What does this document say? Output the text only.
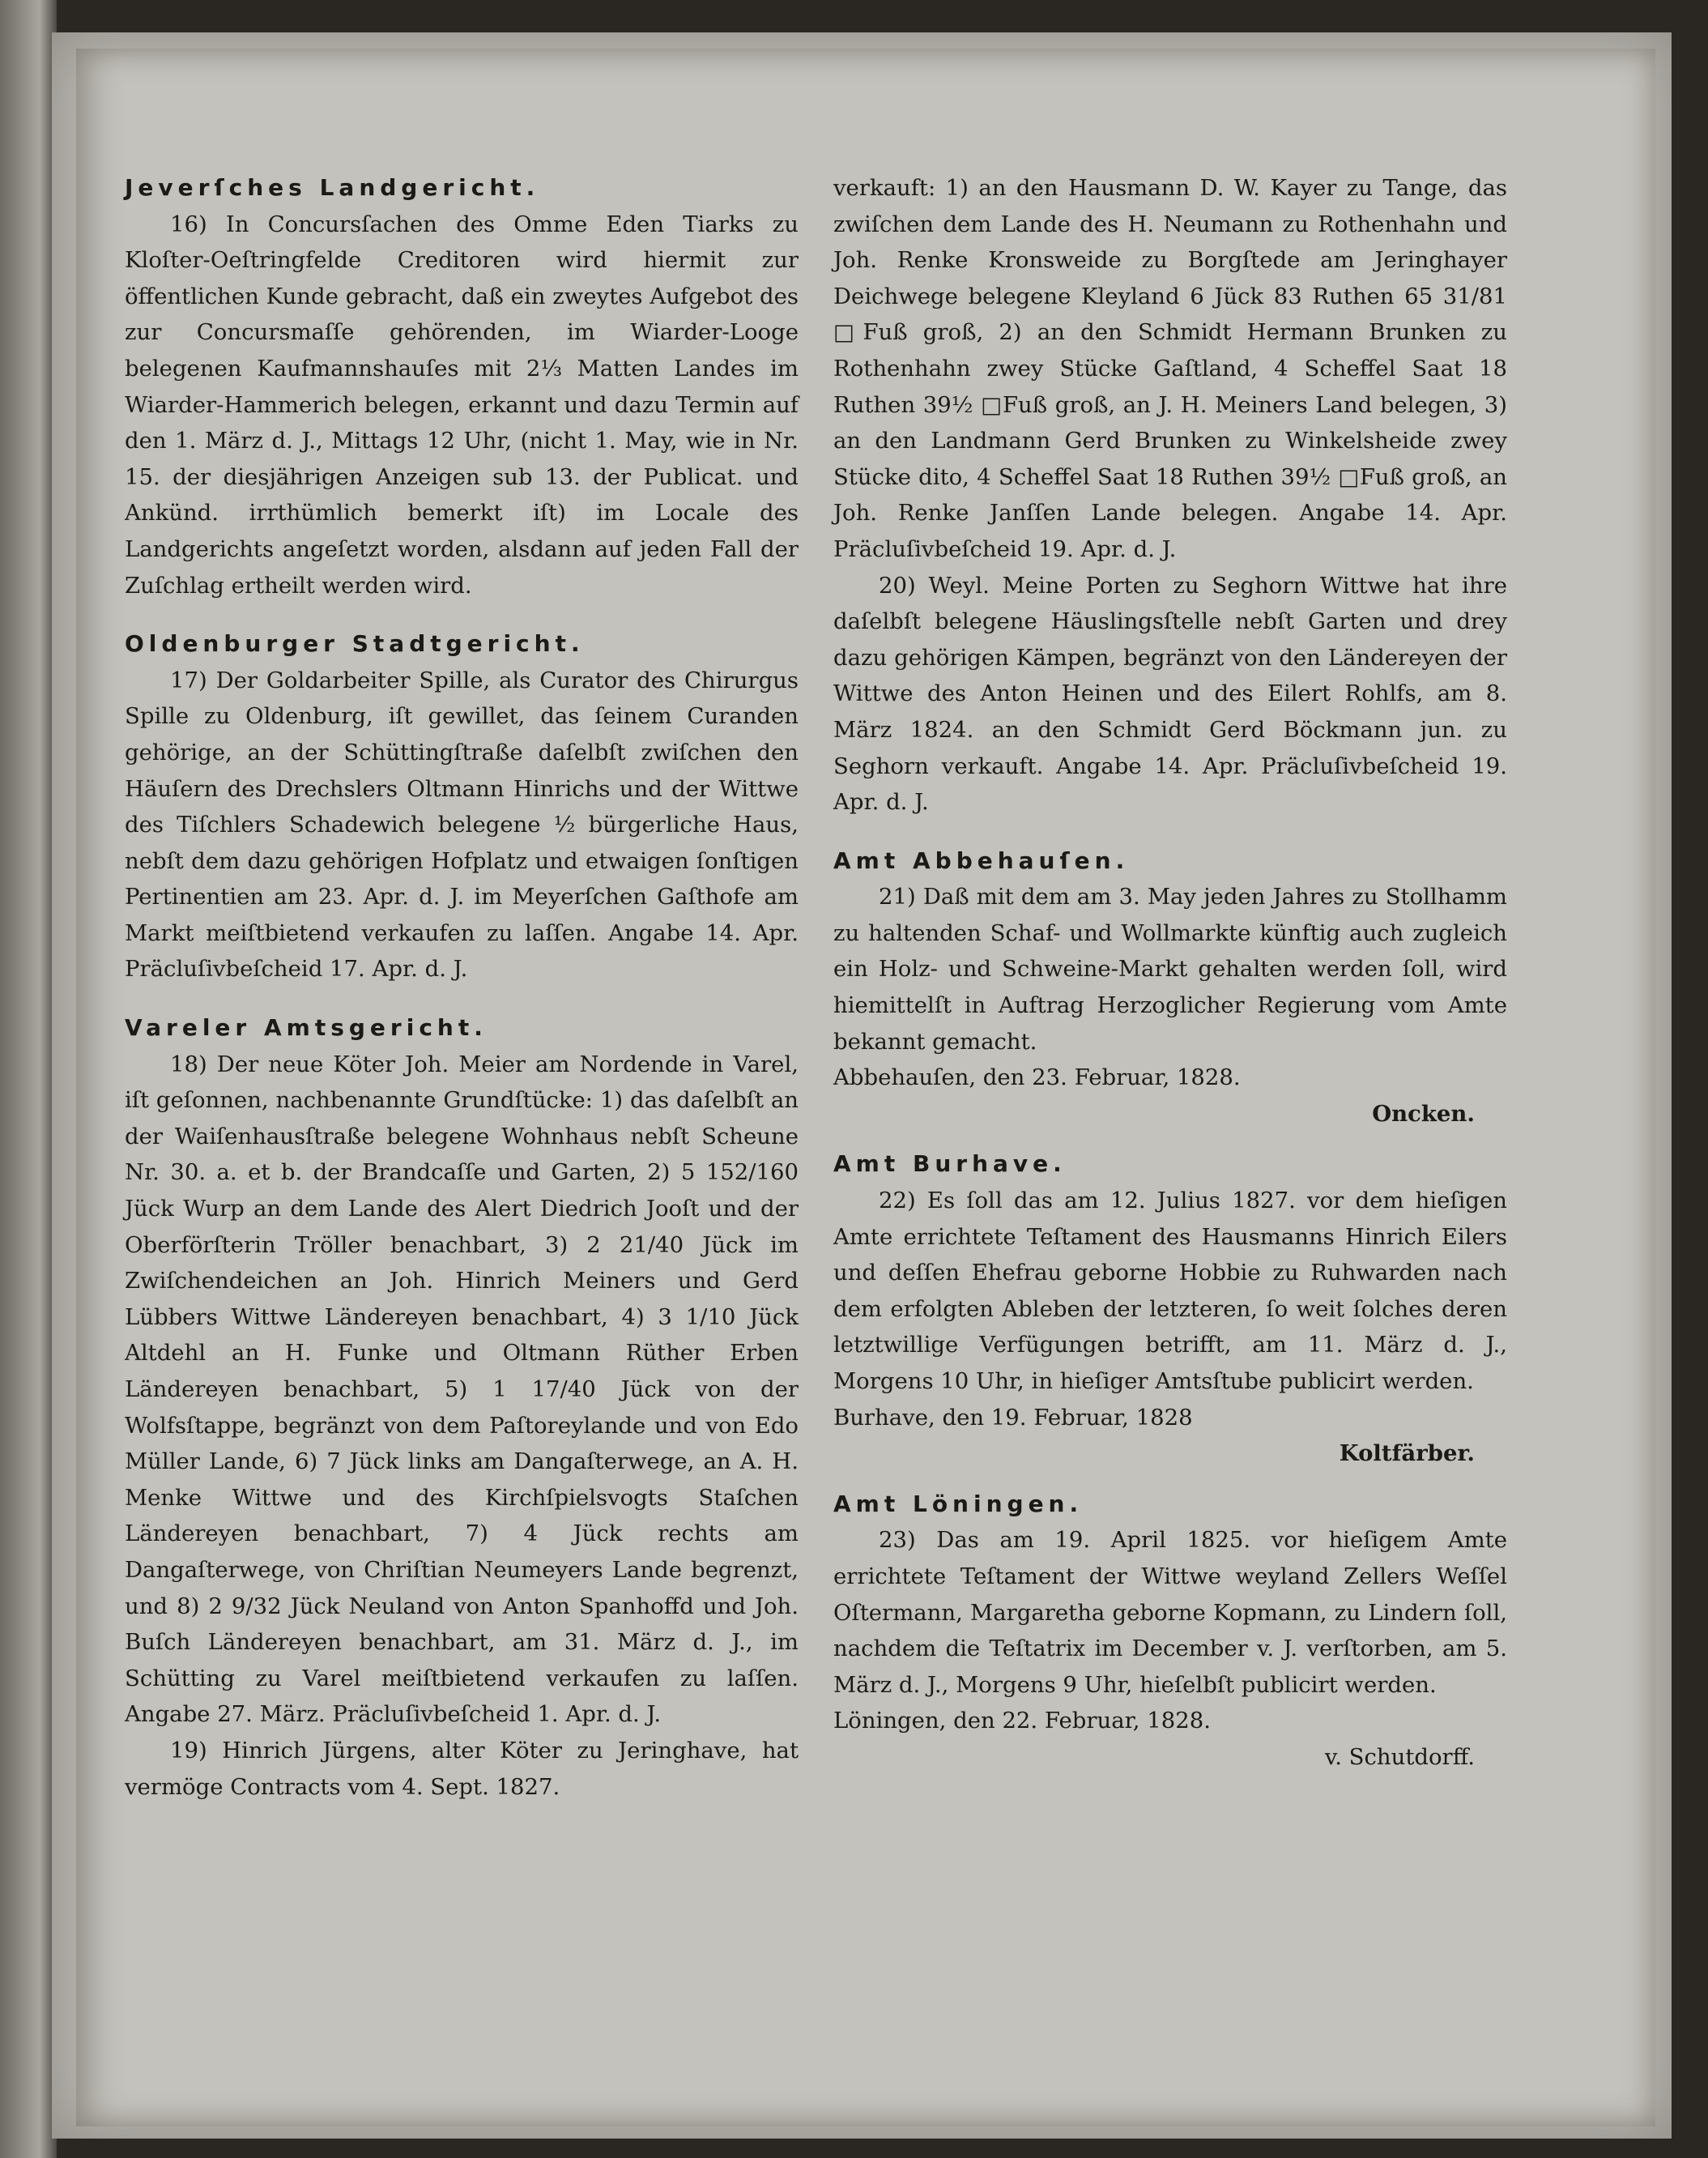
Jeverſches Landgericht.

16) In Concursſachen des Omme Eden Tiarks zu Kloſter-Oeſtringfelde Creditoren wird hiermit zur öffentlichen Kunde gebracht, daß ein zweytes Aufgebot des zur Concursmaſſe gehörenden, im Wiarder-Looge belegenen Kaufmannshauſes mit 2⅓ Matten Landes im Wiarder-Hammerich belegen, erkannt und dazu Termin auf den 1. März d. J., Mittags 12 Uhr, (nicht 1. May, wie in Nr. 15. der diesjährigen Anzeigen sub 13. der Publicat. und Ankünd. irrthümlich bemerkt iſt) im Locale des Landgerichts angeſetzt worden, alsdann auf jeden Fall der Zuſchlag ertheilt werden wird.

Oldenburger Stadtgericht.

17) Der Goldarbeiter Spille, als Curator des Chirurgus Spille zu Oldenburg, iſt gewillet, das ſeinem Curanden gehörige, an der Schüttingſtraße daſelbſt zwiſchen den Häuſern des Drechslers Oltmann Hinrichs und der Wittwe des Tiſchlers Schadewich belegene ½ bürgerliche Haus, nebſt dem dazu gehörigen Hofplatz und etwaigen ſonſtigen Pertinentien am 23. Apr. d. J. im Meyerſchen Gaſthofe am Markt meiſtbietend verkaufen zu laſſen. Angabe 14. Apr. Präcluſivbeſcheid 17. Apr. d. J.

Vareler Amtsgericht.

18) Der neue Köter Joh. Meier am Nordende in Varel, iſt geſonnen, nachbenannte Grundſtücke: 1) das daſelbſt an der Waiſenhausſtraße belegene Wohnhaus nebſt Scheune Nr. 30. a. et b. der Brandcaſſe und Garten, 2) 5 152/160 Jück Wurp an dem Lande des Alert Diedrich Jooſt und der Oberförſterin Tröller benachbart, 3) 2 21/40 Jück im Zwiſchendeichen an Joh. Hinrich Meiners und Gerd Lübbers Wittwe Ländereyen benachbart, 4) 3 1/10 Jück Altdehl an H. Funke und Oltmann Rüther Erben Ländereyen benachbart, 5) 1 17/40 Jück von der Wolfsſtappe, begränzt von dem Paſtoreylande und von Edo Müller Lande, 6) 7 Jück links am Dangaſterwege, an A. H. Menke Wittwe und des Kirchſpielsvogts Staſchen Ländereyen benachbart, 7) 4 Jück rechts am Dangaſterwege, von Chriſtian Neumeyers Lande begrenzt, und 8) 2 9/32 Jück Neuland von Anton Spanhoffd und Joh. Buſch Ländereyen benachbart, am 31. März d. J., im Schütting zu Varel meiſtbietend verkaufen zu laſſen. Angabe 27. März. Präcluſivbeſcheid 1. Apr. d. J.

19) Hinrich Jürgens, alter Köter zu Jeringhave, hat vermöge Contracts vom 4. Sept. 1827.

verkauft: 1) an den Hausmann D. W. Kayer zu Tange, das zwiſchen dem Lande des H. Neumann zu Rothenhahn und Joh. Renke Kronsweide zu Borgſtede am Jeringhayer Deichwege belegene Kleyland 6 Jück 83 Ruthen 65 31/81 □Fuß groß, 2) an den Schmidt Hermann Brunken zu Rothenhahn zwey Stücke Gaſtland, 4 Scheffel Saat 18 Ruthen 39½ □Fuß groß, an J. H. Meiners Land belegen, 3) an den Landmann Gerd Brunken zu Winkelsheide zwey Stücke dito, 4 Scheffel Saat 18 Ruthen 39½ □Fuß groß, an Joh. Renke Janſſen Lande belegen. Angabe 14. Apr. Präcluſivbeſcheid 19. Apr. d. J.

20) Weyl. Meine Porten zu Seghorn Wittwe hat ihre daſelbſt belegene Häuslingsſtelle nebſt Garten und drey dazu gehörigen Kämpen, begränzt von den Ländereyen der Wittwe des Anton Heinen und des Eilert Rohlfs, am 8. März 1824. an den Schmidt Gerd Böckmann jun. zu Seghorn verkauft. Angabe 14. Apr. Präcluſivbeſcheid 19. Apr. d. J.

Amt Abbehauſen.

21) Daß mit dem am 3. May jeden Jahres zu Stollhamm zu haltenden Schaf- und Wollmarkte künftig auch zugleich ein Holz- und Schweine-Markt gehalten werden ſoll, wird hiemittelſt in Auftrag Herzoglicher Regierung vom Amte bekannt gemacht.

Abbehauſen, den 23. Februar, 1828.

Oncken.

Amt Burhave.

22) Es ſoll das am 12. Julius 1827. vor dem hieſigen Amte errichtete Teſtament des Hausmanns Hinrich Eilers und deſſen Ehefrau geborne Hobbie zu Ruhwarden nach dem erfolgten Ableben der letzteren, ſo weit ſolches deren letztwillige Verfügungen betrifft, am 11. März d. J., Morgens 10 Uhr, in hieſiger Amtsſtube publicirt werden.

Burhave, den 19. Februar, 1828

Koltfärber.

Amt Löningen.

23) Das am 19. April 1825. vor hieſigem Amte errichtete Teſtament der Wittwe weyland Zellers Weſſel Oſtermann, Margaretha geborne Kopmann, zu Lindern ſoll, nachdem die Teſtatrix im December v. J. verſtorben, am 5. März d. J., Morgens 9 Uhr, hieſelbſt publicirt werden.

Löningen, den 22. Februar, 1828.

v. Schutdorff.
